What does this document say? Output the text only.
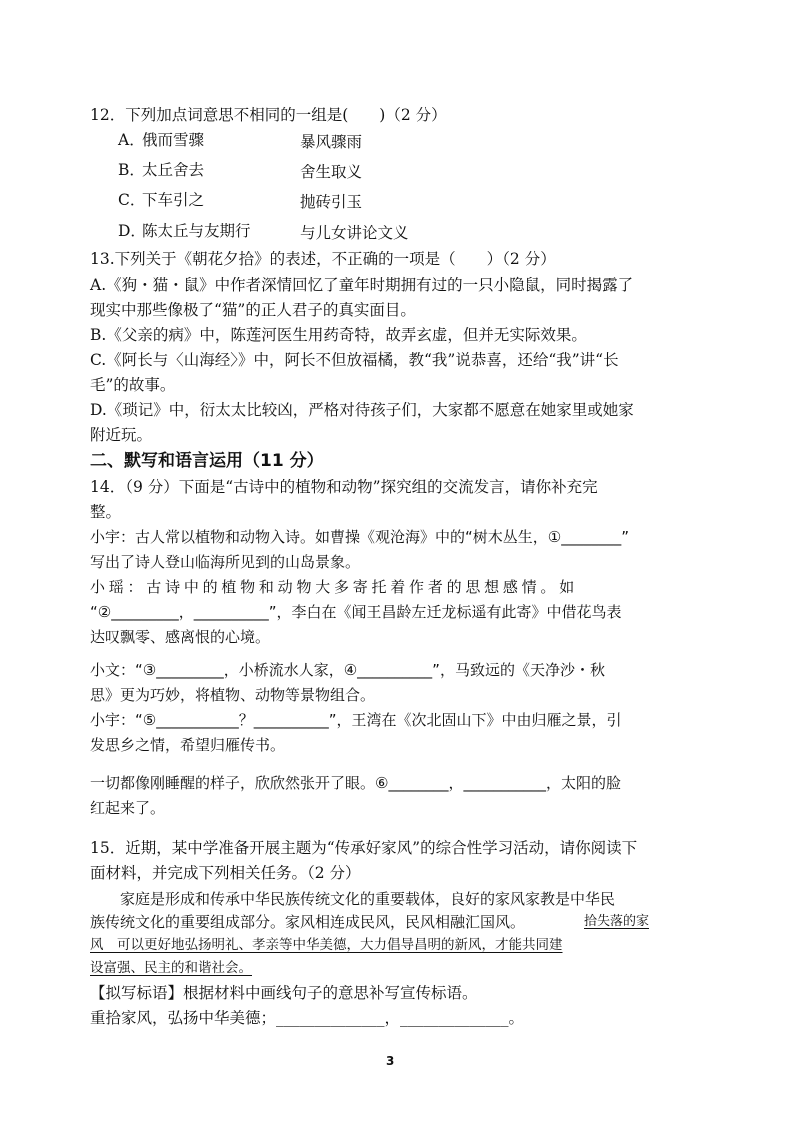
12．下列加点词意思不相同的一组是(　　)（2 分）
A．
俄而雪骤	暴风骤雨
B．
太丘舍去	舍生取义
C．
下车引之	抛砖引玉
D．
陈太丘与友期行	与儿女讲论文义
13.下列关于《朝花夕拾》的表述，不正确的一项是（　　）（2 分）
A.《狗・猫・鼠》中作者深情回忆了童年时期拥有过的一只小隐鼠，同时揭露了
现实中那些像极了“猫”的正人君子的真实面目。
B.《父亲的病》中，陈莲河医生用药奇特，故弄玄虚，但并无实际效果。
C.《阿长与〈山海经〉》中，阿长不但放福橘，教“我”说恭喜，还给“我”讲“长
毛”的故事。
D.《琐记》中，衍太太比较凶，严格对待孩子们，大家都不愿意在她家里或她家
附近玩。
二、默写和语言运用（11 分）
14．（9 分）下面是“古诗中的植物和动物”探究组的交流发言，请你补充完
整。
小宇：古人常以植物和动物入诗。如曹操《观沧海》中的“树木丛生，①________”
写出了诗人登山临海所见到的山岛景象。
小 瑶 ： 古 诗 中 的 植 物 和 动 物 大 多 寄 托 着 作 者 的 思 想 感 情 。 如
“②_________，__________”，李白在《闻王昌龄左迁龙标遥有此寄》中借花鸟表
达叹飘零、感离恨的心境。
小文：“③_________，小桥流水人家，④__________”，马致远的《天净沙・秋
思》更为巧妙，将植物、动物等景物组合。
小宇：“⑤___________？__________”，王湾在《次北固山下》中由归雁之景，引
发思乡之情，希望归雁传书。
一切都像刚睡醒的样子，欣欣然张开了眼。⑥________，___________，太阳的脸
红起来了。
15．近期，某中学准备开展主题为“传承好家风”的综合性学习活动，请你阅读下
面材料，并完成下列相关任务。（2 分）
　　家庭是形成和传承中华民族传统文化的重要载体，良好的家风家教是中华民
族传统文化的重要组成部分。家风相连成民风，民风相融汇国风。	拾失落的家
风　可以更好地弘扬明礼、孝亲等中华美德，大力倡导昌明的新风，才能共同建
设富强、民主的和谐社会。
【拟写标语】根据材料中画线句子的意思补写宣传标语。
重拾家风，弘扬中华美德；______________，______________。
3
